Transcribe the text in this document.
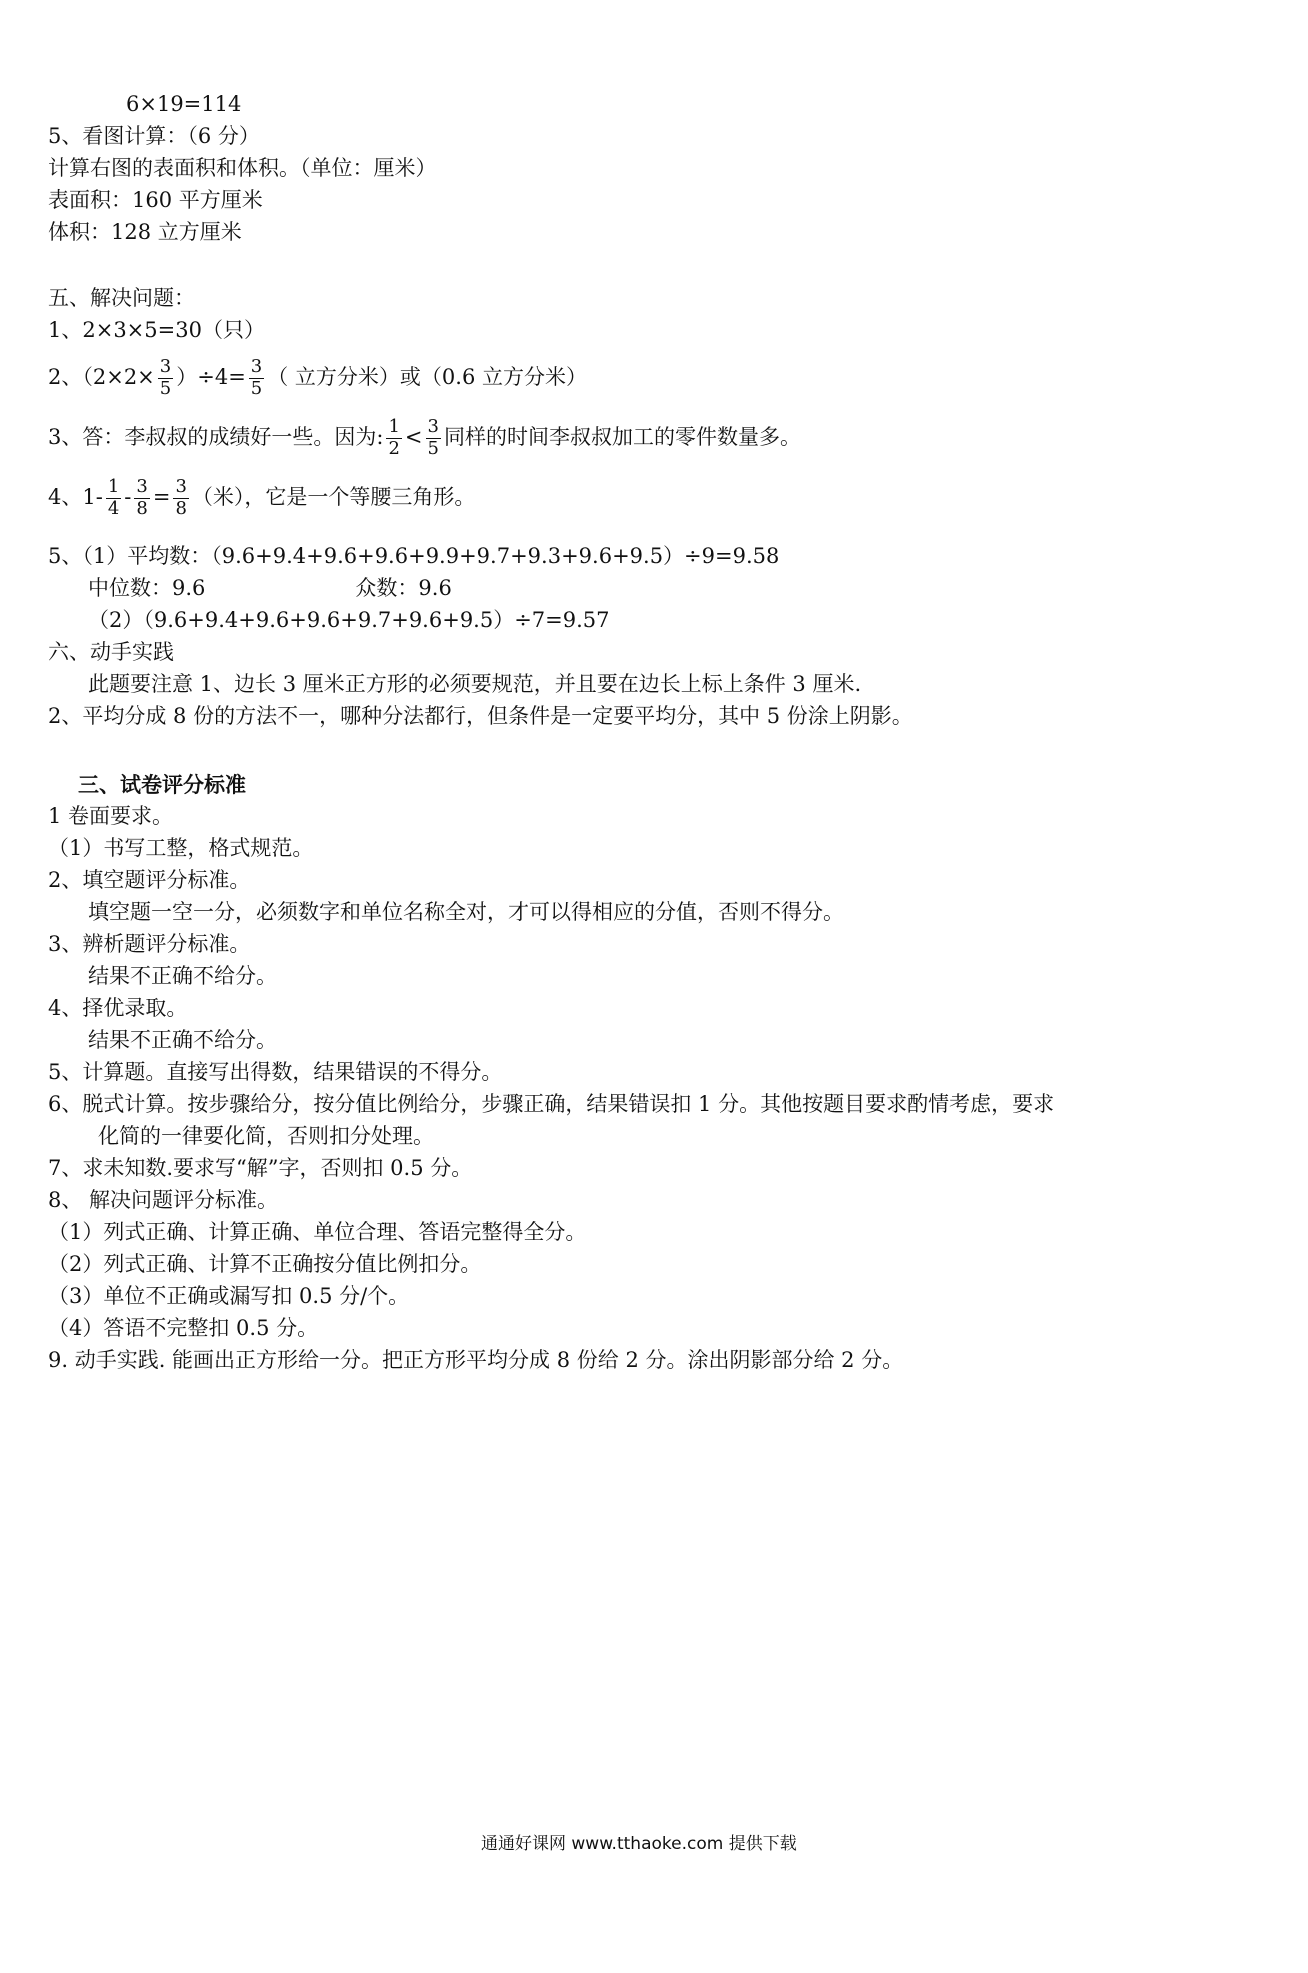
6×19=114
5、看图计算：（6 分）
计算右图的表面积和体积。（单位：厘米）
表面积：160 平方厘米
体积：128 立方厘米
五、解决问题：
1、2×3×5=30（只）
2、$(2\times 2\times \frac{3}{5} )\div 4= \frac{3}{5}$ （ 立方分米）或（0.6 立方分米）
3、答：李叔叔的成绩好一些。因为: $\frac{1}{2} < \frac{3}{5}$ 同样的时间李叔叔加工的零件数量多。
4、$1- \frac{1}{4} - \frac{3}{8} = \frac{3}{8}$ （米），它是一个等腰三角形。
5、（1）平均数：（9.6+9.4+9.6+9.6+9.9+9.7+9.3+9.6+9.5）÷9=9.58
中位数：9.6	众数：9.6
（2）（9.6+9.4+9.6+9.6+9.7+9.6+9.5）÷7=9.57
六、动手实践
此题要注意 1、边长 3 厘米正方形的必须要规范，并且要在边长上标上条件 3 厘米.
2、平均分成 8 份的方法不一，哪种分法都行，但条件是一定要平均分，其中 5 份涂上阴影。
三、试卷评分标准
1 卷面要求。
（1）书写工整，格式规范。
2、填空题评分标准。
填空题一空一分，必须数字和单位名称全对，才可以得相应的分值，否则不得分。
3、辨析题评分标准。
结果不正确不给分。
4、择优录取。
结果不正确不给分。
5、计算题。直接写出得数，结果错误的不得分。
6、脱式计算。按步骤给分，按分值比例给分，步骤正确，结果错误扣 1 分。其他按题目要求酌情考虑，要求
化简的一律要化简，否则扣分处理。
7、求未知数.要求写“解”字，否则扣 0.5 分。
8、 解决问题评分标准。
（1）列式正确、计算正确、单位合理、答语完整得全分。
（2）列式正确、计算不正确按分值比例扣分。
（3）单位不正确或漏写扣 0.5 分/个。
（4）答语不完整扣 0.5 分。
9. 动手实践. 能画出正方形给一分。把正方形平均分成 8 份给 2 分。涂出阴影部分给 2 分。
通通好课网 www.tthaoke.com 提供下载
